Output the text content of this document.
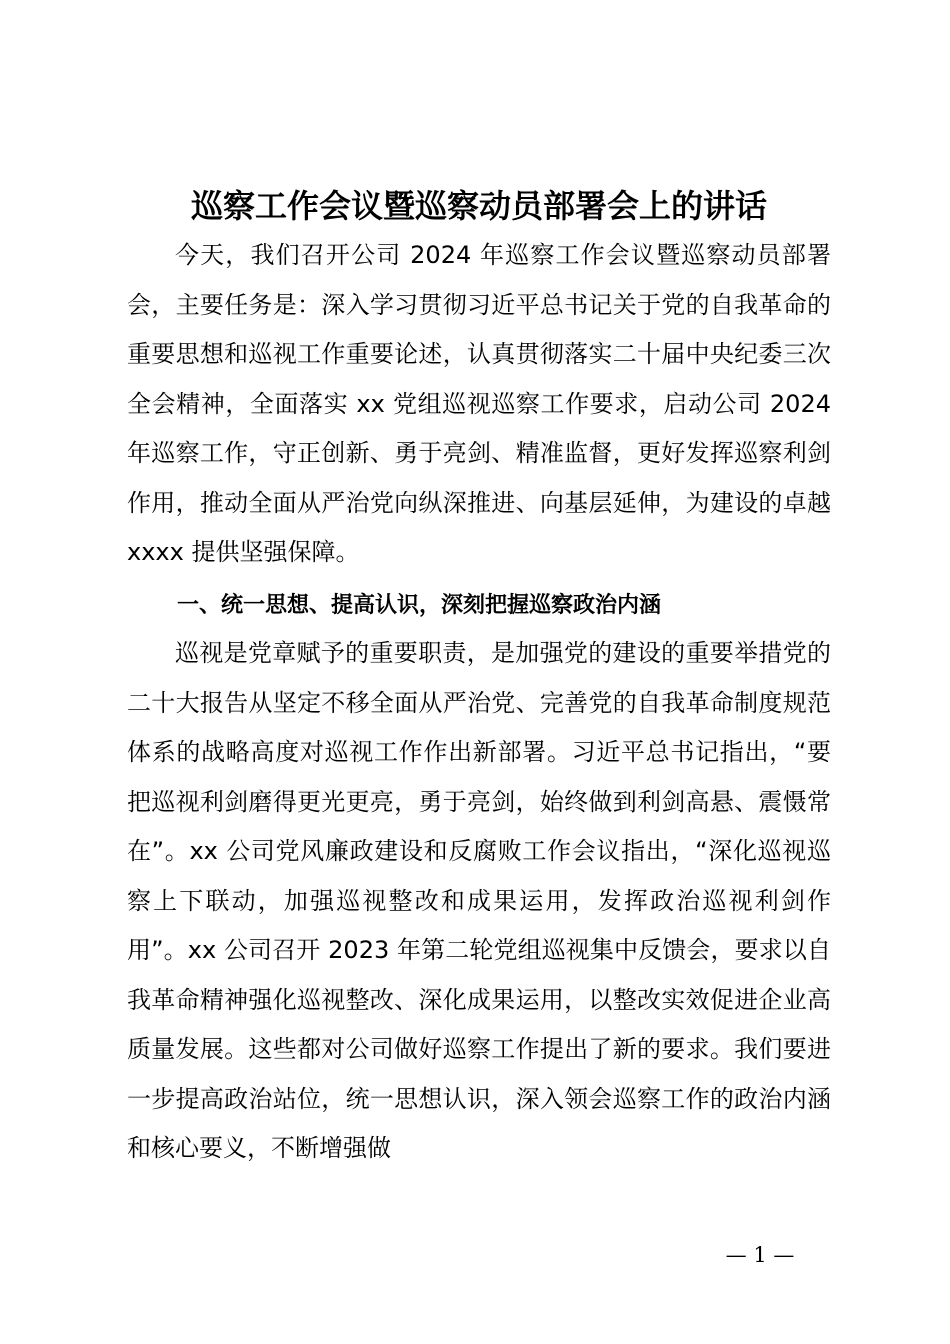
巡察工作会议暨巡察动员部署会上的讲话

今天，我们召开公司 2024 年巡察工作会议暨巡察动员部署会，主要任务是：深入学习贯彻习近平总书记关于党的自我革命的重要思想和巡视工作重要论述，认真贯彻落实二十届中央纪委三次全会精神，全面落实 xx 党组巡视巡察工作要求，启动公司 2024 年巡察工作，守正创新、勇于亮剑、精准监督，更好发挥巡察利剑作用，推动全面从严治党向纵深推进、向基层延伸，为建设的卓越 xxxx 提供坚强保障。

一、统一思想、提高认识，深刻把握巡察政治内涵

巡视是党章赋予的重要职责，是加强党的建设的重要举措党的二十大报告从坚定不移全面从严治党、完善党的自我革命制度规范体系的战略高度对巡视工作作出新部署。习近平总书记指出，“要把巡视利剑磨得更光更亮，勇于亮剑，始终做到利剑高悬、震慑常在”。xx 公司党风廉政建设和反腐败工作会议指出，“深化巡视巡察上下联动，加强巡视整改和成果运用，发挥政治巡视利剑作用”。xx 公司召开 2023 年第二轮党组巡视集中反馈会，要求以自我革命精神强化巡视整改、深化成果运用，以整改实效促进企业高质量发展。这些都对公司做好巡察工作提出了新的要求。我们要进一步提高政治站位，统一思想认识，深入领会巡察工作的政治内涵和核心要义，不断增强做

— 1 —
